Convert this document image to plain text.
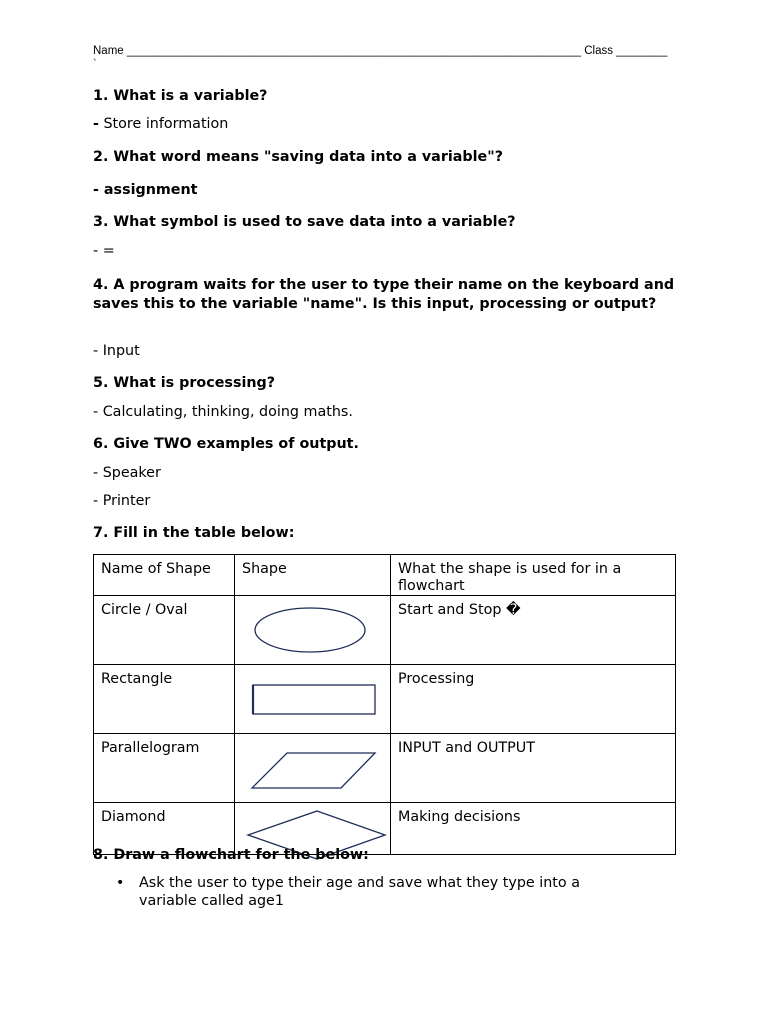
Name _______________________________________________________________________ Class ________
`
1. What is a variable?
- Store information
2. What word means "saving data into a variable"?
- assignment
3. What symbol is used to save data into a variable?
- =
4. A program waits for the user to type their name on the keyboard and saves this to the variable "name". Is this input, processing or output?
- Input
5. What is processing?
- Calculating, thinking, doing maths.
6. Give TWO examples of output.
- Speaker
- Printer
7. Fill in the table below:
Name of Shape	Shape	What the shape is used for in a flowchart
Circle / Oval		Start and Stop �
Rectangle		Processing
Parallelogram		INPUT and OUTPUT
Diamond		Making decisions
8. Draw a flowchart for the below:
• Ask the user to type their age and save what they type into a variable called age1
